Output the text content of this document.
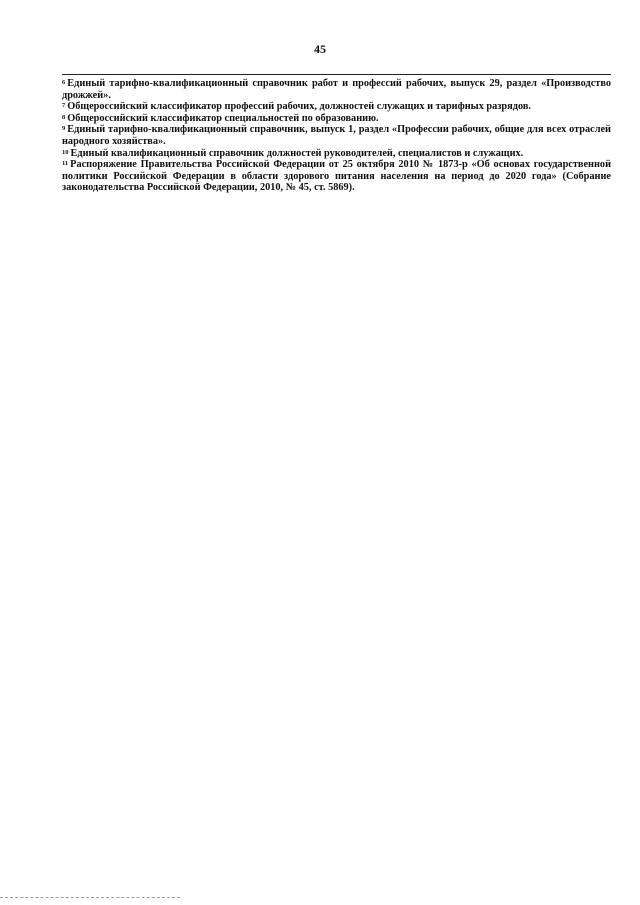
45

$^6$ Единый тарифно-квалификационный справочник работ и профессий рабочих, выпуск 29, раздел «Производство дрожжей».

$^7$ Общероссийский классификатор профессий рабочих, должностей служащих и тарифных разрядов.

$^8$ Общероссийский классификатор специальностей по образованию.

$^9$ Единый тарифно-квалификационный справочник, выпуск 1, раздел «Профессии рабочих, общие для всех отраслей народного хозяйства».

$^{10}$ Единый квалификационный справочник должностей руководителей, специалистов и служащих.

$^{11}$ Распоряжение Правительства Российской Федерации от 25 октября 2010 № 1873-р «Об основах государственной политики Российской Федерации в области здорового питания населения на период до 2020 года» (Собрание законодательства Российской Федерации, 2010, № 45, ст. 5869).
